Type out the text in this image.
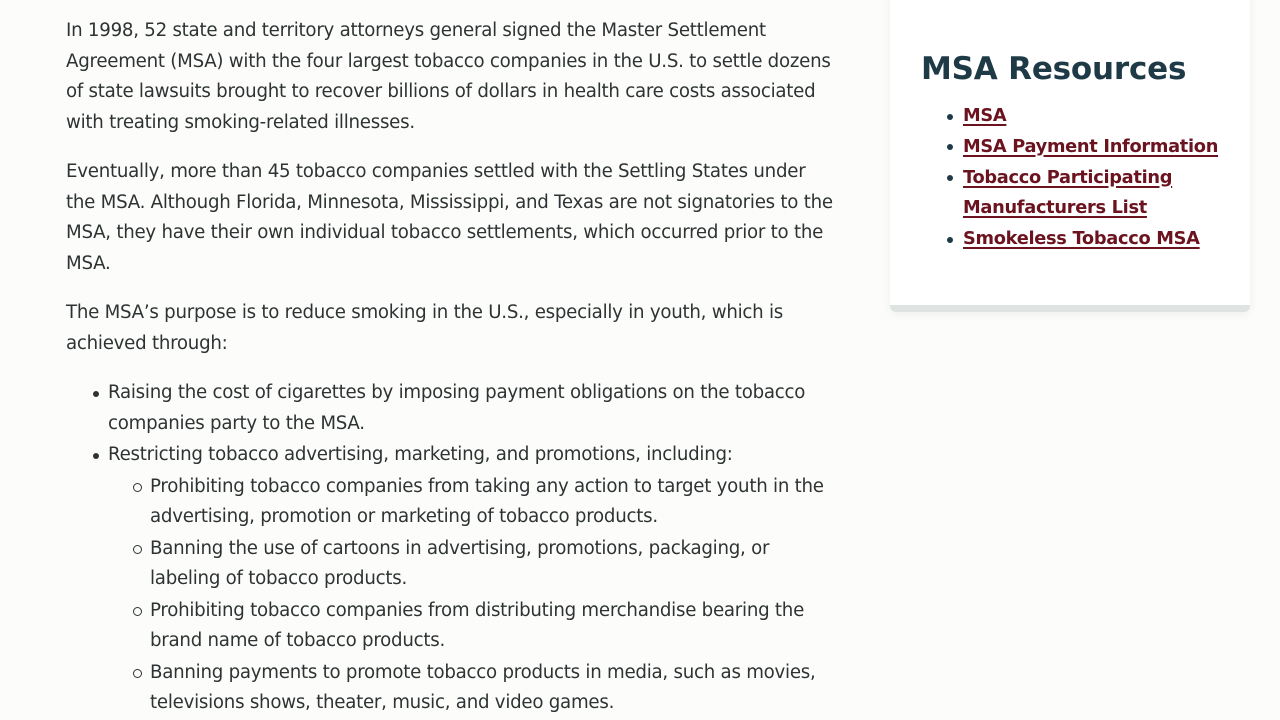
In 1998, 52 state and territory attorneys general signed the Master Settlement Agreement (MSA) with the four largest tobacco companies in the U.S. to settle dozens of state lawsuits brought to recover billions of dollars in health care costs associated with treating smoking-related illnesses.

Eventually, more than 45 tobacco companies settled with the Settling States under the MSA. Although Florida, Minnesota, Mississippi, and Texas are not signatories to the MSA, they have their own individual tobacco settlements, which occurred prior to the MSA.

The MSA’s purpose is to reduce smoking in the U.S., especially in youth, which is achieved through:

Raising the cost of cigarettes by imposing payment obligations on the tobacco companies party to the MSA.
Restricting tobacco advertising, marketing, and promotions, including:
Prohibiting tobacco companies from taking any action to target youth in the advertising, promotion or marketing of tobacco products.
Banning the use of cartoons in advertising, promotions, packaging, or labeling of tobacco products.
Prohibiting tobacco companies from distributing merchandise bearing the brand name of tobacco products.
Banning payments to promote tobacco products in media, such as movies, televisions shows, theater, music, and video games.
MSA Resources
MSA
MSA Payment Information
Tobacco Participating Manufacturers List
Smokeless Tobacco MSA
